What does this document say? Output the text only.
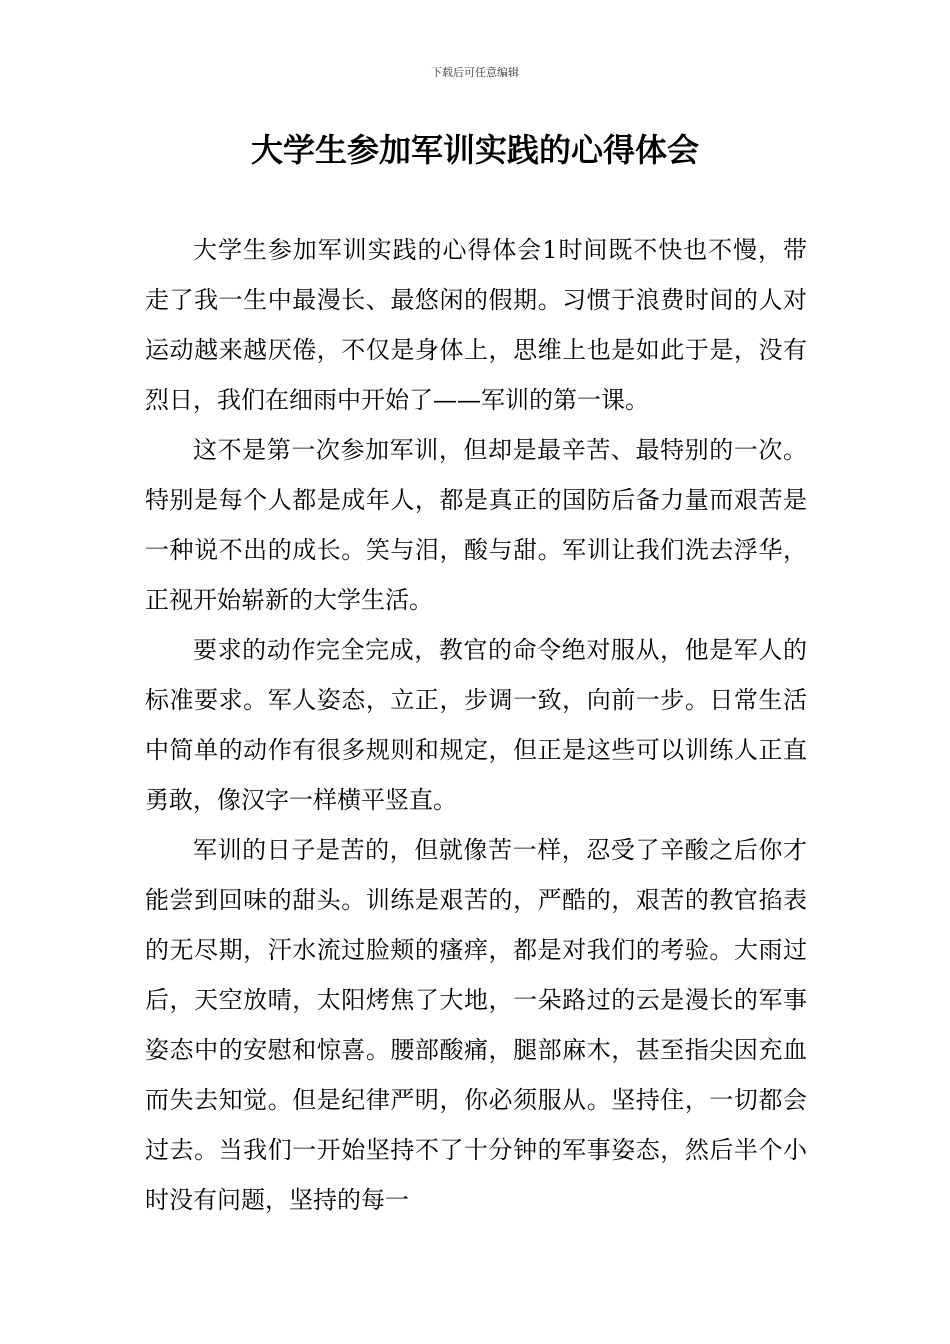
下载后可任意编辑
大学生参加军训实践的心得体会

大学生参加军训实践的心得体会1时间既不快也不慢，带走了我一生中最漫长、最悠闲的假期。习惯于浪费时间的人对运动越来越厌倦，不仅是身体上，思维上也是如此于是，没有烈日，我们在细雨中开始了——军训的第一课。

这不是第一次参加军训，但却是最辛苦、最特别的一次。特别是每个人都是成年人，都是真正的国防后备力量而艰苦是一种说不出的成长。笑与泪，酸与甜。军训让我们洗去浮华，正视开始崭新的大学生活。

要求的动作完全完成，教官的命令绝对服从，他是军人的标准要求。军人姿态，立正，步调一致，向前一步。日常生活中简单的动作有很多规则和规定，但正是这些可以训练人正直勇敢，像汉字一样横平竖直。

军训的日子是苦的，但就像苦一样，忍受了辛酸之后你才能尝到回味的甜头。训练是艰苦的，严酷的，艰苦的教官掐表的无尽期，汗水流过脸颊的瘙痒，都是对我们的考验。大雨过后，天空放晴，太阳烤焦了大地，一朵路过的云是漫长的军事姿态中的安慰和惊喜。腰部酸痛，腿部麻木，甚至指尖因充血而失去知觉。但是纪律严明，你必须服从。坚持住，一切都会过去。当我们一开始坚持不了十分钟的军事姿态，然后半个小时没有问题，坚持的每一
